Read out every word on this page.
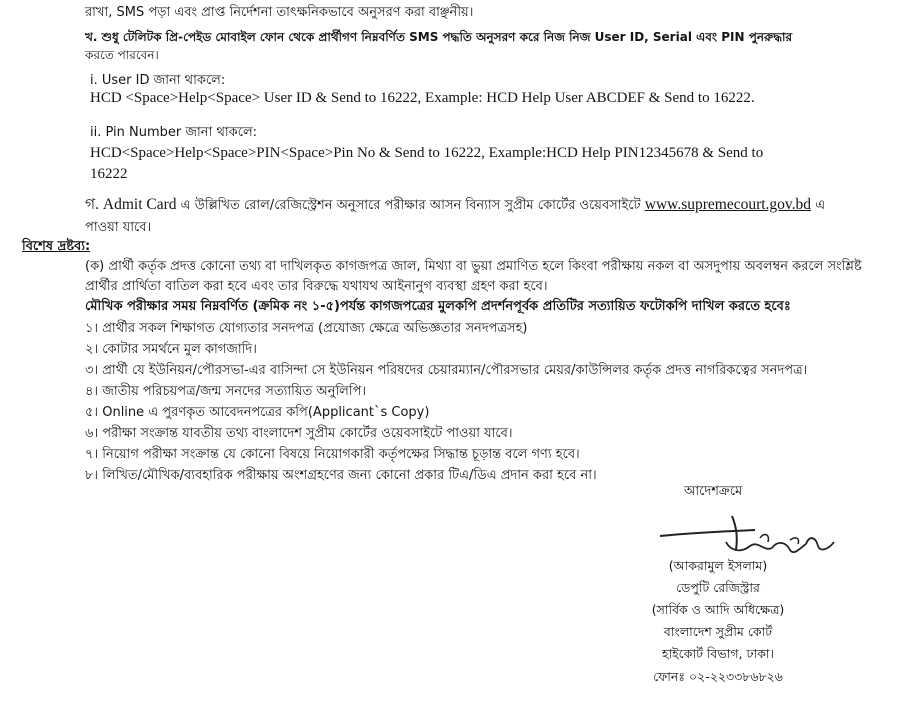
রাখা, SMS পড়া এবং প্রাপ্ত নির্দেশনা তাৎক্ষনিকভাবে অনুসরণ করা বাঞ্ছনীয়।
খ. শুধু টেলিটক প্রি-পেইড মোবাইল ফোন থেকে প্রার্থীগণ নিম্নবর্ণিত SMS পদ্ধতি অনুসরণ করে নিজ নিজ User ID, Serial এবং PIN পুনরুদ্ধার
করতে পারবেন।
i. User ID জানা থাকলে:
HCD <Space>Help<Space> User ID & Send to 16222, Example: HCD Help User ABCDEF & Send to 16222.
ii. Pin Number জানা থাকলে:
HCD<Space>Help<Space>PIN<Space>Pin No & Send to 16222, Example:HCD Help PIN12345678 & Send to
16222
গ. Admit Card এ উল্লিখিত রোল/রেজিস্ট্রেশন অনুসারে পরীক্ষার আসন বিন্যাস সুপ্রীম কোর্টের ওয়েবসাইটে www.supremecourt.gov.bd এ
পাওয়া যাবে।
বিশেষ দ্রষ্টব্য:
(ক) প্রার্থী কর্তৃক প্রদত্ত কোনো তথ্য বা দাখিলকৃত কাগজপত্র জাল, মিথ্যা বা ভুয়া প্রমাণিত হলে কিংবা পরীক্ষায় নকল বা অসদুপায় অবলম্বন করলে সংশ্লিষ্ট
প্রার্থীর প্রার্থিতা বাতিল করা হবে এবং তার বিরুদ্ধে যথাযথ আইনানুগ ব্যবস্থা গ্রহণ করা হবে।
মৌখিক পরীক্ষার সময় নিম্নবর্ণিত (ক্রমিক নং ১-৫)পর্যন্ত কাগজপত্রের মুলকপি প্রদর্শনপূর্বক প্রতিটির সত্যায়িত ফটোকপি দাখিল করতে হবেঃ
১। প্রার্থীর সকল শিক্ষাগত যোগ্যতার সনদপত্র (প্রযোজ্য ক্ষেত্রে অভিজ্ঞতার সনদপত্রসহ)
২। কোটার সমর্থনে মুল কাগজাদি।
৩। প্রার্থী যে ইউনিয়ন/পৌরসভা-এর বাসিন্দা সে ইউনিয়ন পরিষদের চেয়ারম্যান/পৌরসভার মেয়র/কাউন্সিলর কর্তৃক প্রদত্ত নাগরিকত্বের সনদপত্র।
৪। জাতীয় পরিচয়পত্র/জন্ম সনদের সত্যায়িত অনুলিপি।
৫। Online এ পুরণকৃত আবেদনপত্রের কপি(Applicant`s Copy)
৬। পরীক্ষা সংক্রান্ত যাবতীয় তথ্য বাংলাদেশ সুপ্রীম কোর্টের ওয়েবসাইটে পাওয়া যাবে।
৭। নিয়োগ পরীক্ষা সংক্রান্ত যে কোনো বিষয়ে নিয়োগকারী কর্তৃপক্ষের সিদ্ধান্ত চূড়ান্ত বলে গণ্য হবে।
৮। লিখিত/মৌখিক/ব্যবহারিক পরীক্ষায় অংশগ্রহণের জন্য কোনো প্রকার টিএ/ডিএ প্রদান করা হবে না।
আদেশক্রমে
(আকরামুল ইসলাম)
ডেপুটি রেজিস্ট্রার
(সার্বিক ও আদি অধিক্ষেত্র)
বাংলাদেশ সুপ্রীম কোর্ট
হাইকোর্ট বিভাগ, ঢাকা।
ফোনঃ ০২-২২৩৩৮৬৮২৬
